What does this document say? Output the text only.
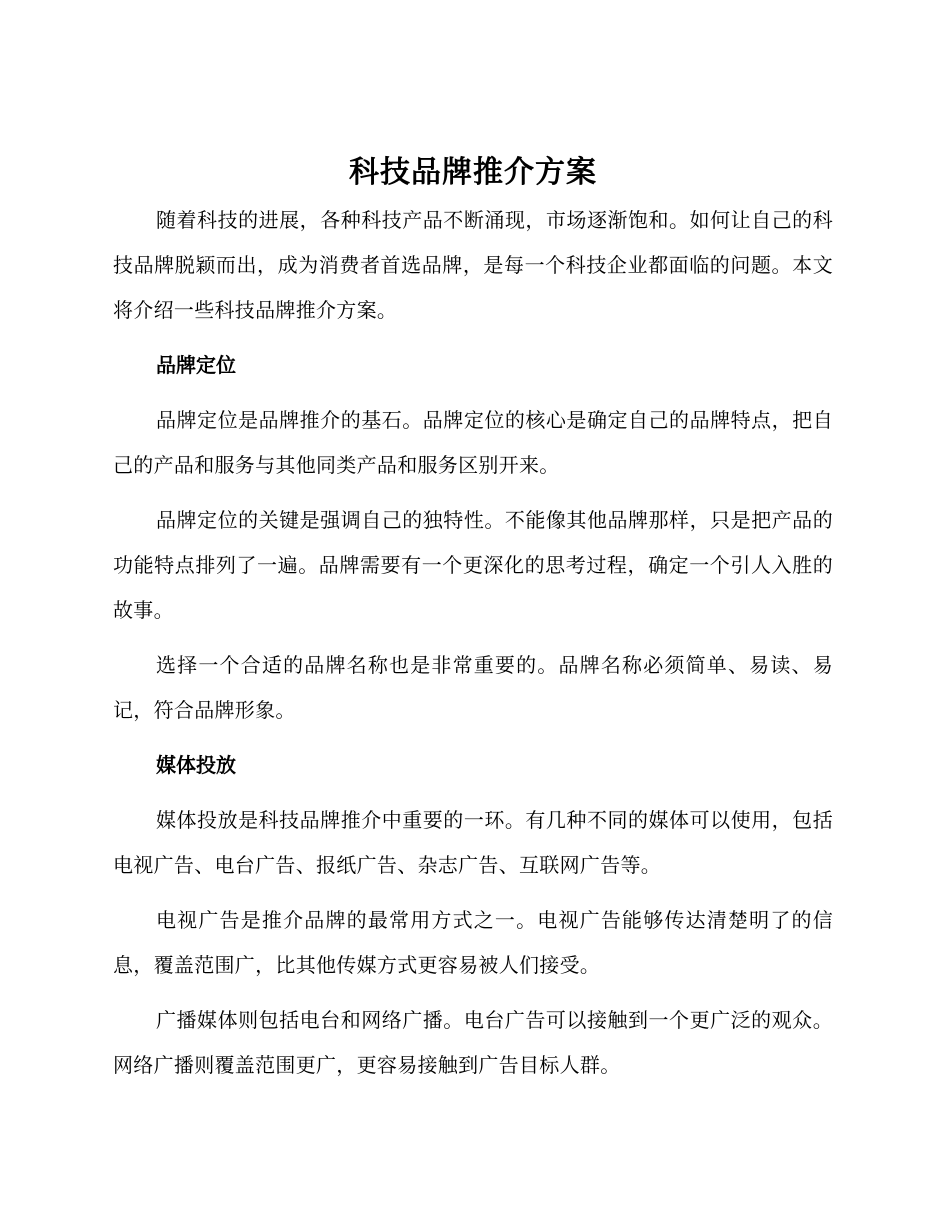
科技品牌推介方案

随着科技的进展，各种科技产品不断涌现，市场逐渐饱和。如何让自己的科技品牌脱颖而出，成为消费者首选品牌，是每一个科技企业都面临的问题。本文将介绍一些科技品牌推介方案。

品牌定位

品牌定位是品牌推介的基石。品牌定位的核心是确定自己的品牌特点，把自己的产品和服务与其他同类产品和服务区别开来。

品牌定位的关键是强调自己的独特性。不能像其他品牌那样，只是把产品的功能特点排列了一遍。品牌需要有一个更深化的思考过程，确定一个引人入胜的故事。

选择一个合适的品牌名称也是非常重要的。品牌名称必须简单、易读、易记，符合品牌形象。

媒体投放

媒体投放是科技品牌推介中重要的一环。有几种不同的媒体可以使用，包括电视广告、电台广告、报纸广告、杂志广告、互联网广告等。

电视广告是推介品牌的最常用方式之一。电视广告能够传达清楚明了的信息，覆盖范围广，比其他传媒方式更容易被人们接受。

广播媒体则包括电台和网络广播。电台广告可以接触到一个更广泛的观众。网络广播则覆盖范围更广，更容易接触到广告目标人群。
